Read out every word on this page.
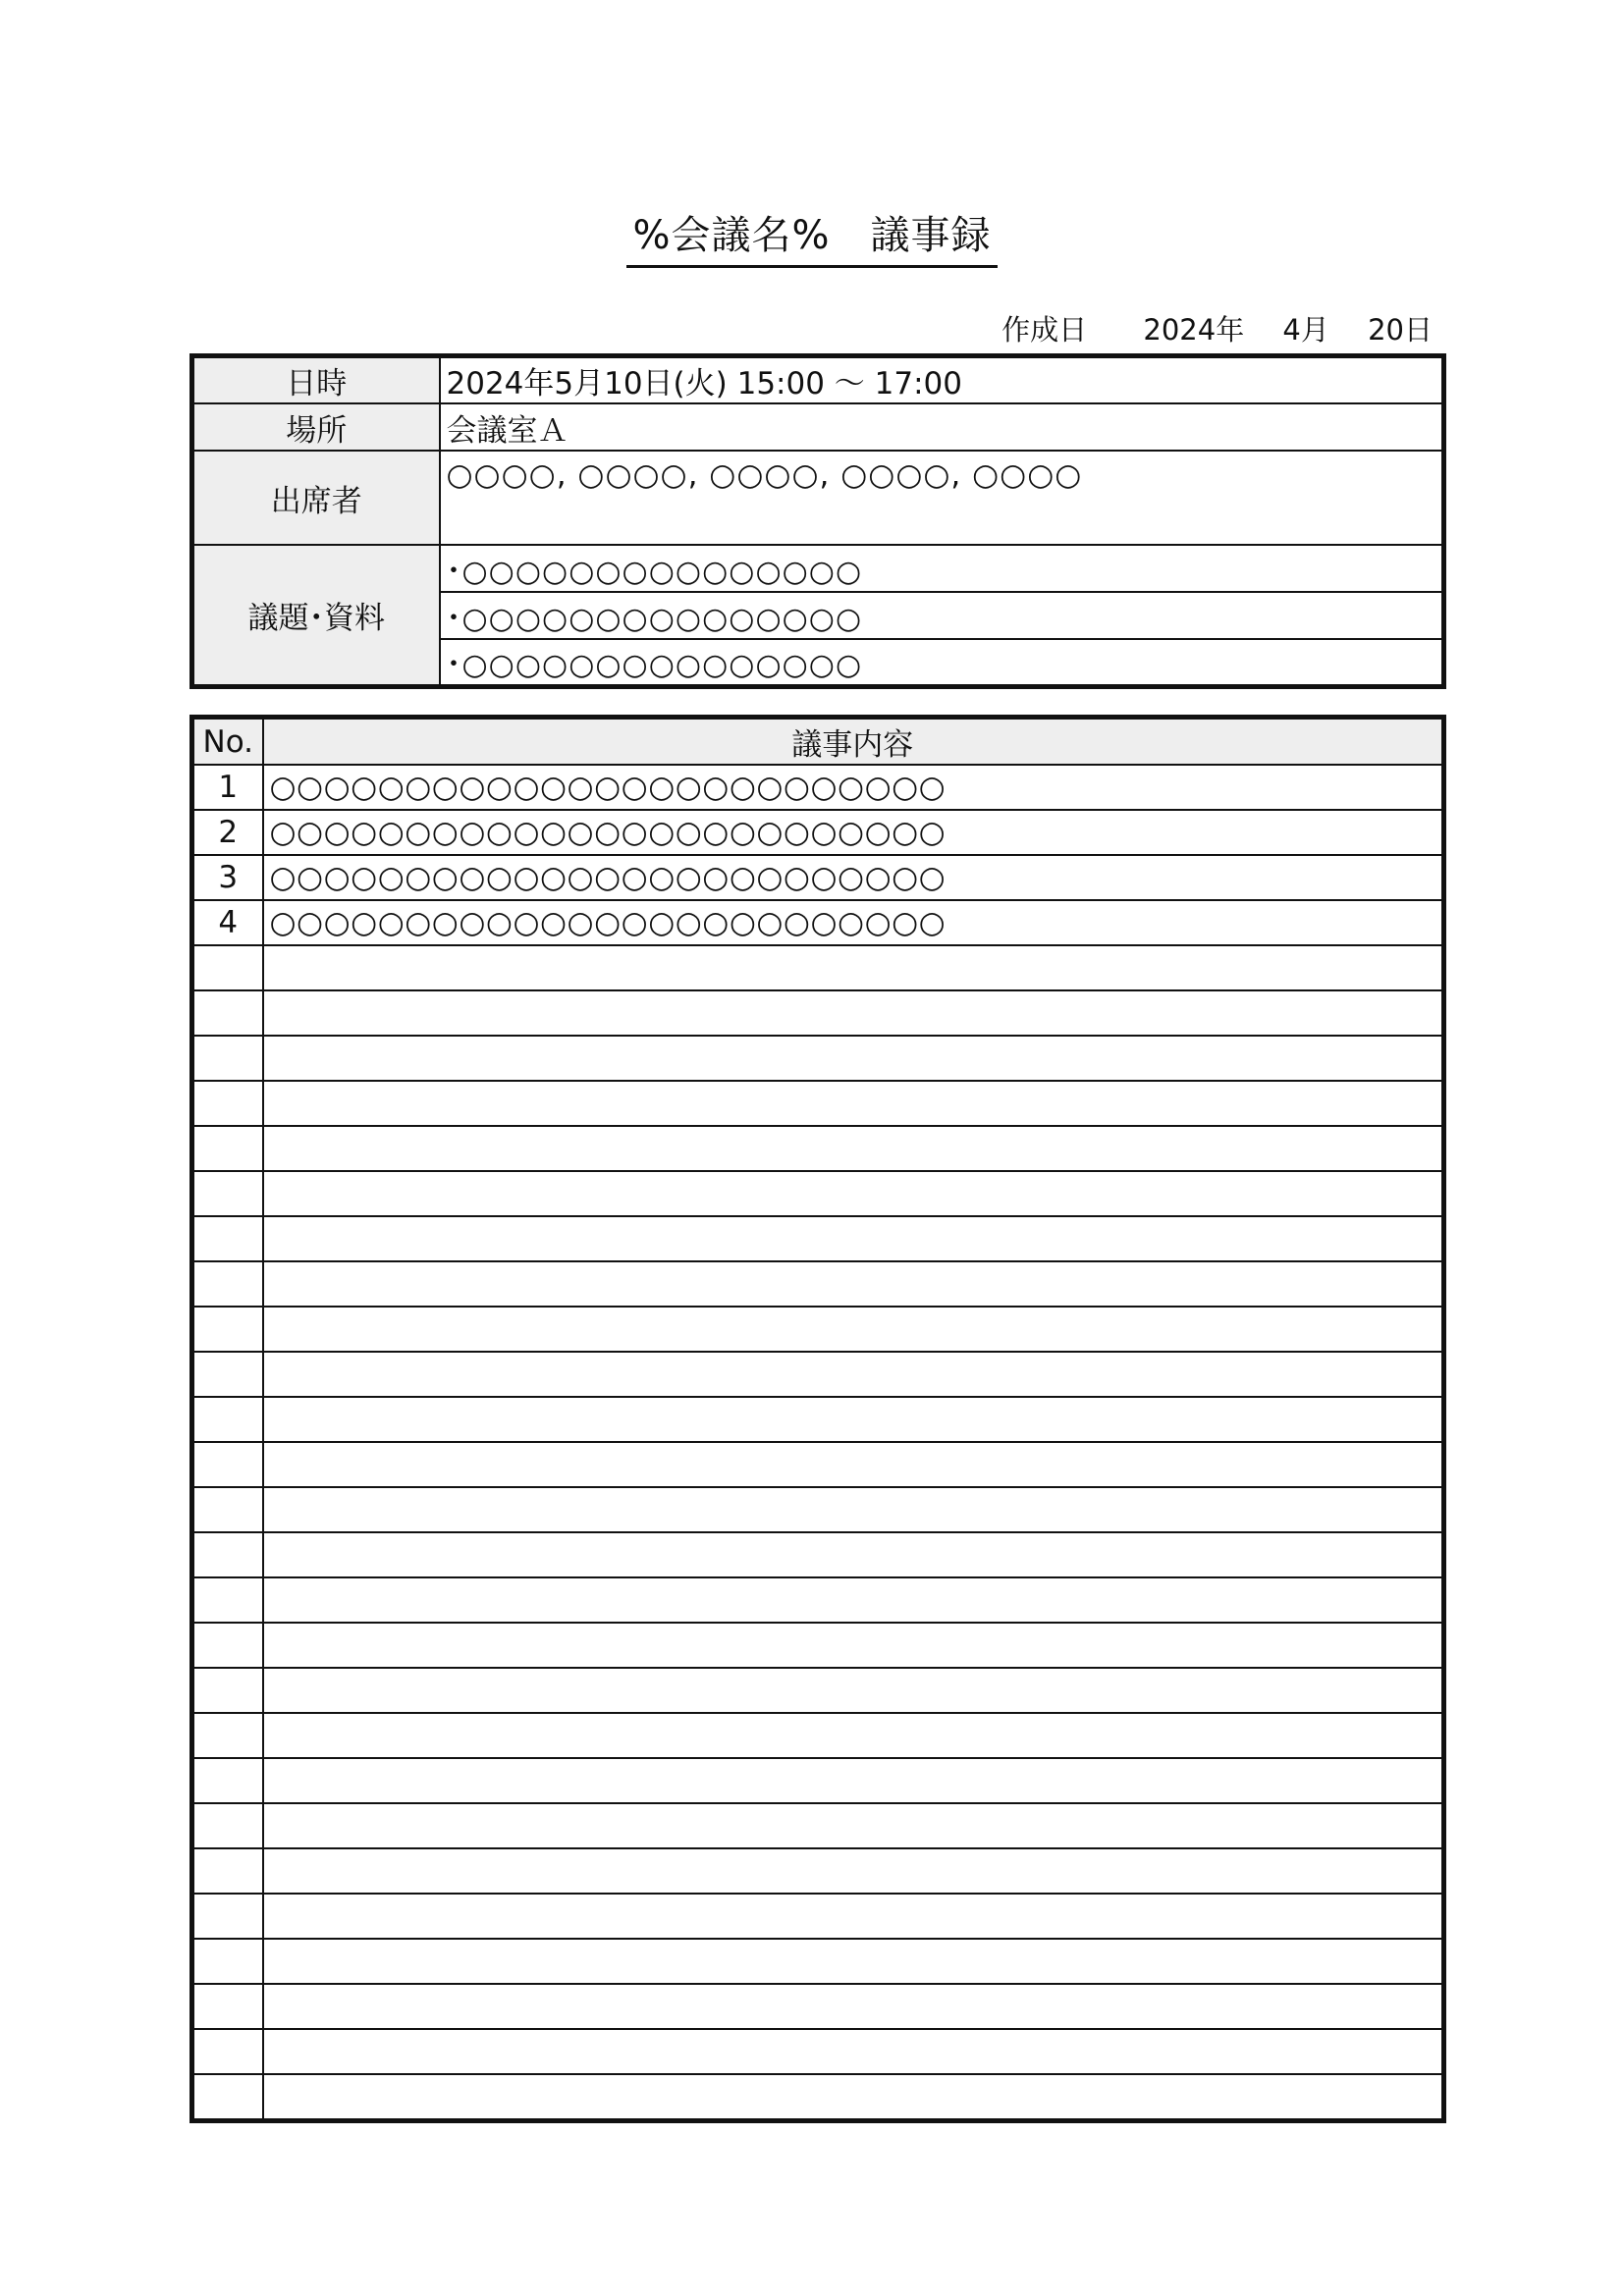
%会議名%　議事録
作成日 2024年 4月 20日
日時	2024年5月10日(火) 15:00 ～ 17:00
場所	会議室Ａ
出席者	○○○○, ○○○○, ○○○○, ○○○○, ○○○○
議題･資料	･○○○○○○○○○○○○○○○
	･○○○○○○○○○○○○○○○
	･○○○○○○○○○○○○○○○
No.	議事内容
1	○○○○○○○○○○○○○○○○○○○○○○○○○
2	○○○○○○○○○○○○○○○○○○○○○○○○○
3	○○○○○○○○○○○○○○○○○○○○○○○○○
4	○○○○○○○○○○○○○○○○○○○○○○○○○
